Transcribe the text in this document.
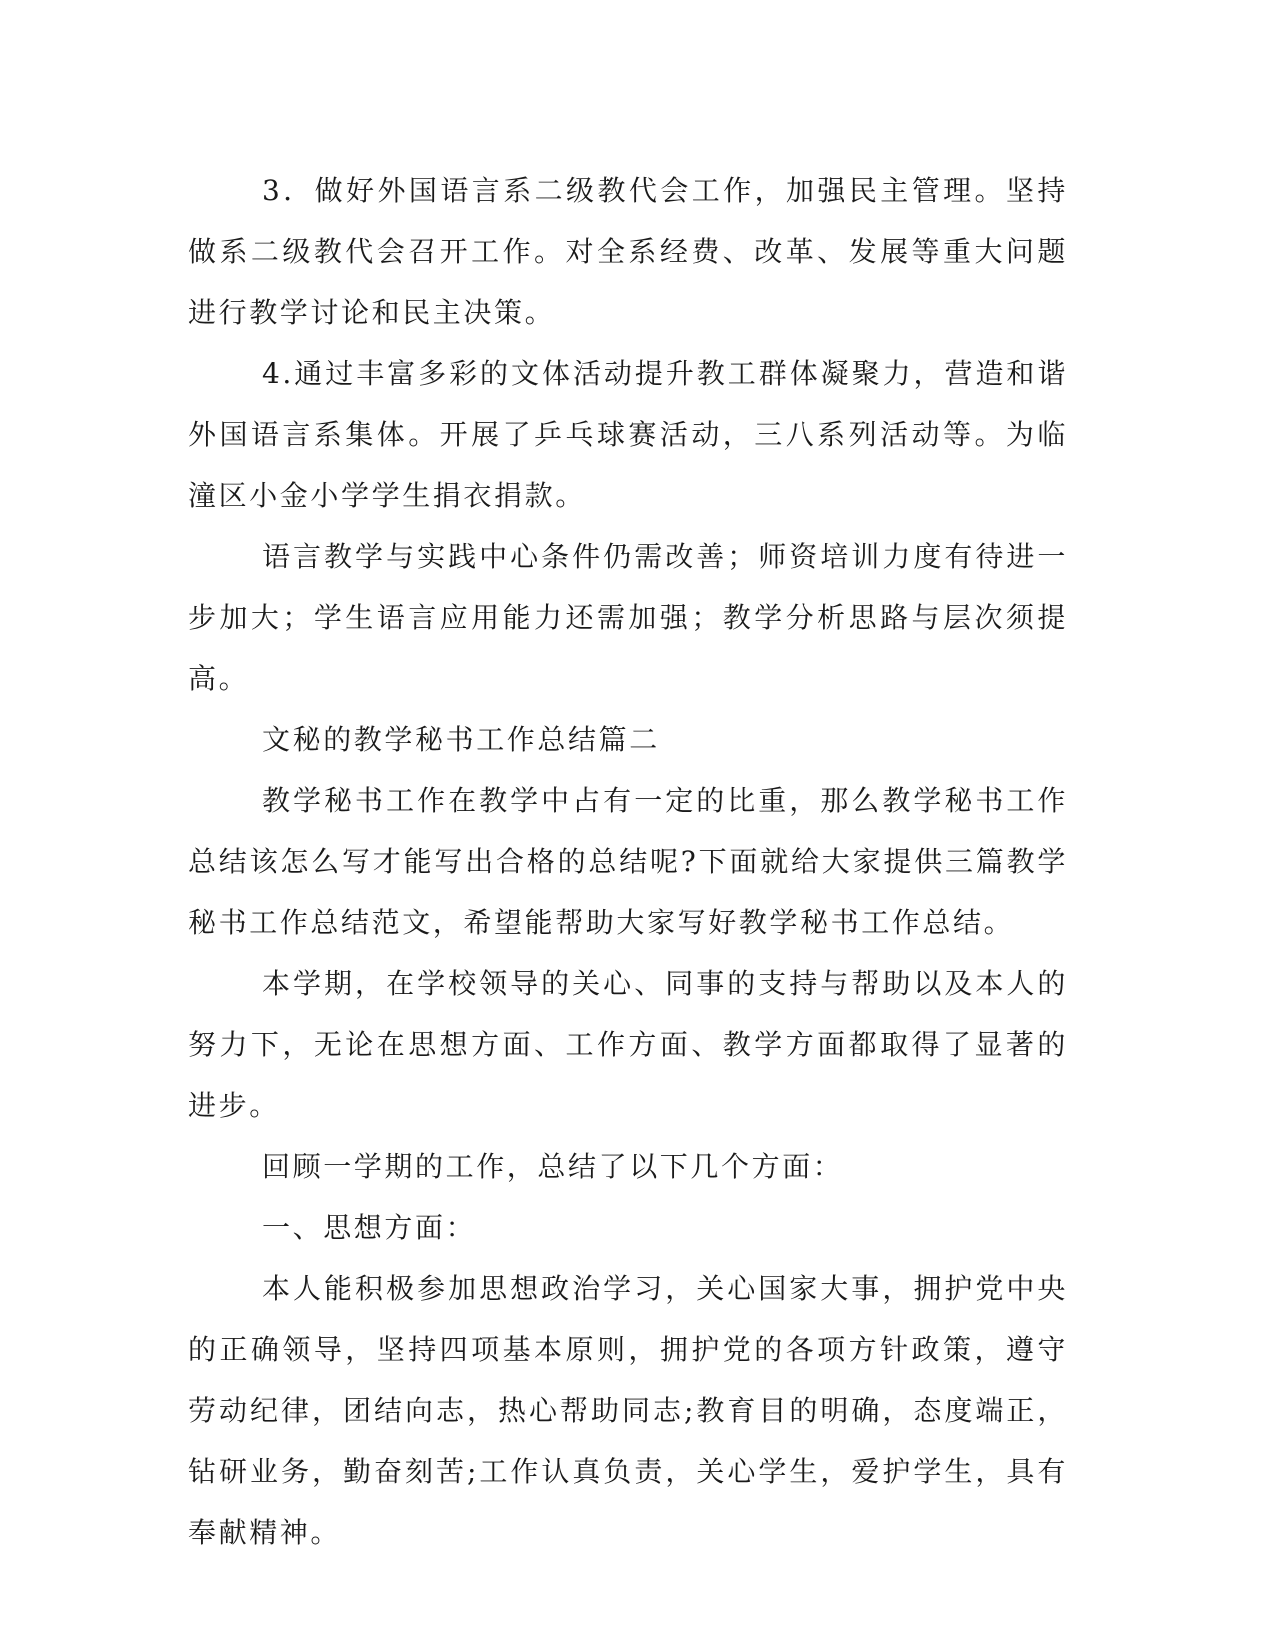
3．做好外国语言系二级教代会工作，加强民主管理。坚持做系二级教代会召开工作。对全系经费、改革、发展等重大问题进行教学讨论和民主决策。

4.通过丰富多彩的文体活动提升教工群体凝聚力，营造和谐外国语言系集体。开展了乒乓球赛活动，三八系列活动等。为临潼区小金小学学生捐衣捐款。

语言教学与实践中心条件仍需改善；师资培训力度有待进一步加大；学生语言应用能力还需加强；教学分析思路与层次须提高。

文秘的教学秘书工作总结篇二

教学秘书工作在教学中占有一定的比重，那么教学秘书工作总结该怎么写才能写出合格的总结呢?下面就给大家提供三篇教学秘书工作总结范文，希望能帮助大家写好教学秘书工作总结。

本学期，在学校领导的关心、同事的支持与帮助以及本人的努力下，无论在思想方面、工作方面、教学方面都取得了显著的进步。

回顾一学期的工作，总结了以下几个方面：

一、思想方面：

本人能积极参加思想政治学习，关心国家大事，拥护党中央的正确领导，坚持四项基本原则，拥护党的各项方针政策，遵守劳动纪律，团结向志，热心帮助同志;教育目的明确，态度端正，钻研业务，勤奋刻苦;工作认真负责，关心学生，爱护学生，具有奉献精神。
